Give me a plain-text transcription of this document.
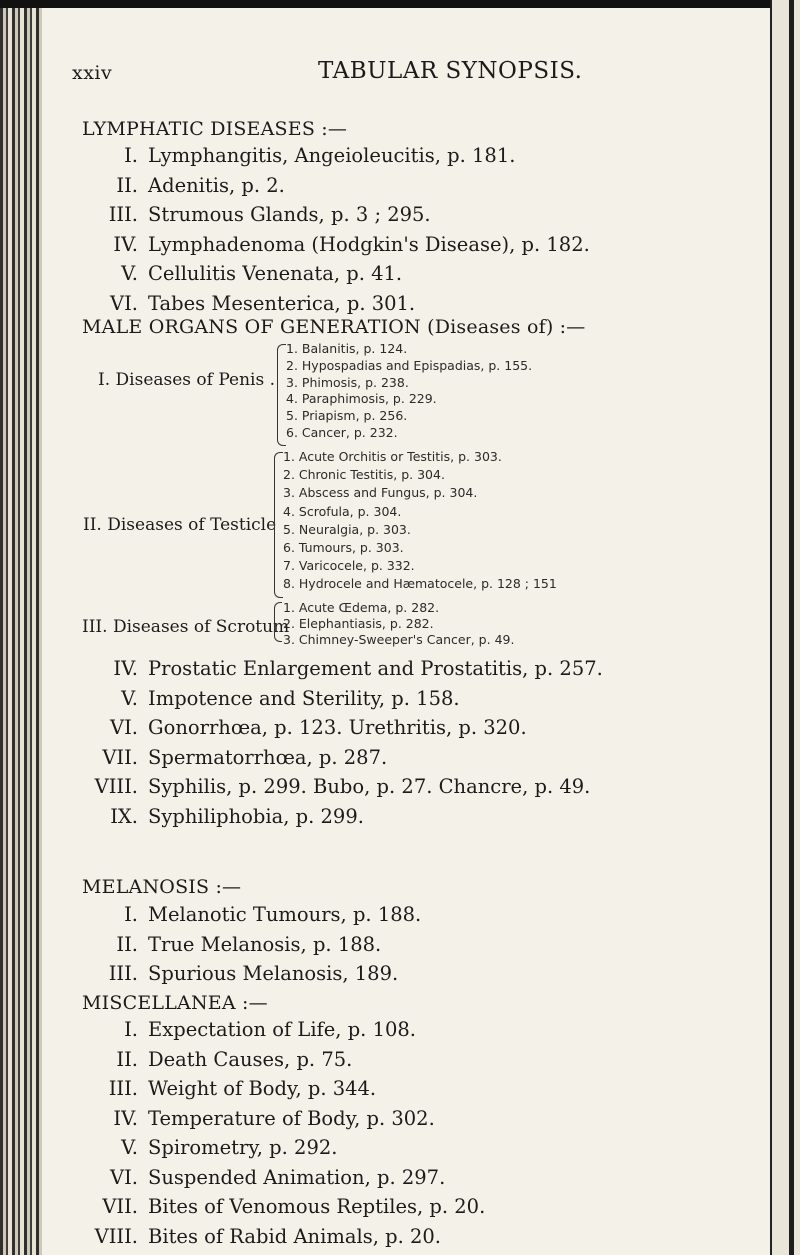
xxiv	TABULAR SYNOPSIS.
LYMPHATIC DISEASES :—
I. Lymphangitis, Angeioleucitis, p. 181.
II. Adenitis, p. 2.
III. Strumous Glands, p. 3 ; 295.
IV. Lymphadenoma (Hodgkin's Disease), p. 182.
V. Cellulitis Venenata, p. 41.
VI. Tabes Mesenterica, p. 301.
MALE ORGANS OF GENERATION (Diseases of) :—
I. Diseases of Penis .
1. Balanitis, p. 124.
2. Hypospadias and Epispadias, p. 155.
3. Phimosis, p. 238.
4. Paraphimosis, p. 229.
5. Priapism, p. 256.
6. Cancer, p. 232.
II. Diseases of Testicle
1. Acute Orchitis or Testitis, p. 303.
2. Chronic Testitis, p. 304.
3. Abscess and Fungus, p. 304.
4. Scrofula, p. 304.
5. Neuralgia, p. 303.
6. Tumours, p. 303.
7. Varicocele, p. 332.
8. Hydrocele and Hæmatocele, p. 128 ; 151
III. Diseases of Scrotum
1. Acute Œdema, p. 282.
2. Elephantiasis, p. 282.
3. Chimney-Sweeper's Cancer, p. 49.
IV. Prostatic Enlargement and Prostatitis, p. 257.
V. Impotence and Sterility, p. 158.
VI. Gonorrhœa, p. 123. Urethritis, p. 320.
VII. Spermatorrhœa, p. 287.
VIII. Syphilis, p. 299. Bubo, p. 27. Chancre, p. 49.
IX. Syphiliphobia, p. 299.
MELANOSIS :—
I. Melanotic Tumours, p. 188.
II. True Melanosis, p. 188.
III. Spurious Melanosis, 189.
MISCELLANEA :—
I. Expectation of Life, p. 108.
II. Death Causes, p. 75.
III. Weight of Body, p. 344.
IV. Temperature of Body, p. 302.
V. Spirometry, p. 292.
VI. Suspended Animation, p. 297.
VII. Bites of Venomous Reptiles, p. 20.
VIII. Bites of Rabid Animals, p. 20.
